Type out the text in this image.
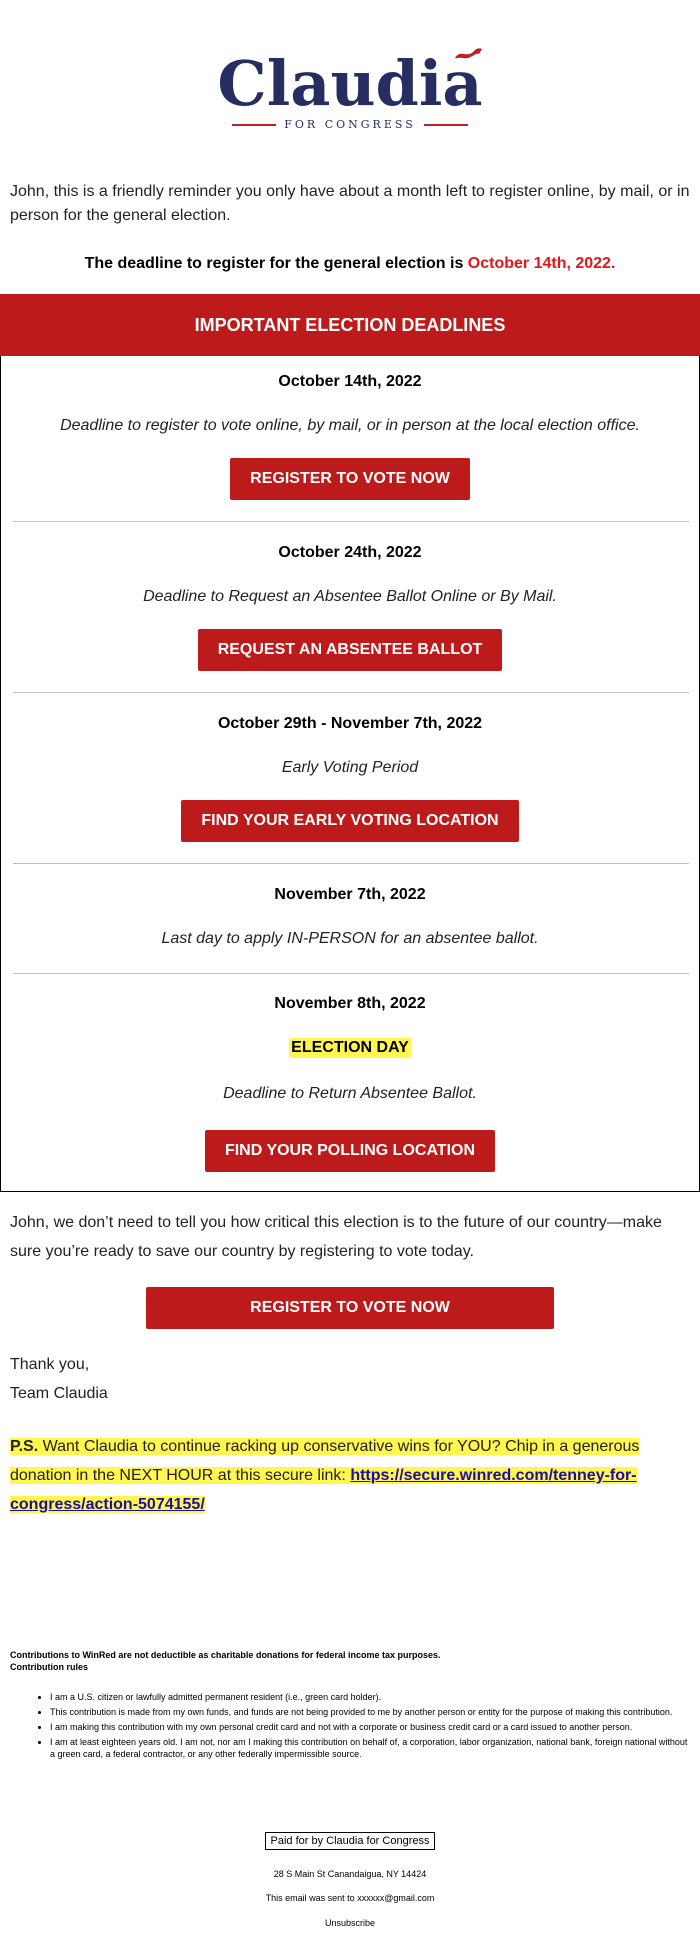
Claudia
FOR CONGRESS

John, this is a friendly reminder you only have about a month left to register online, by mail, or in person for the general election.

The deadline to register for the general election is October 14th, 2022.

IMPORTANT ELECTION DEADLINES
October 14th, 2022
Deadline to register to vote online, by mail, or in person at the local election office.
REGISTER TO VOTE NOW
October 24th, 2022
Deadline to Request an Absentee Ballot Online or By Mail.
REQUEST AN ABSENTEE BALLOT
October 29th - November 7th, 2022
Early Voting Period
FIND YOUR EARLY VOTING LOCATION
November 7th, 2022
Last day to apply IN-PERSON for an absentee ballot.
November 8th, 2022
ELECTION DAY
Deadline to Return Absentee Ballot.
FIND YOUR POLLING LOCATION

John, we don’t need to tell you how critical this election is to the future of our country—make sure you’re ready to save our country by registering to vote today.

REGISTER TO VOTE NOW
Thank you,
Team Claudia

P.S. Want Claudia to continue racking up conservative wins for YOU? Chip in a generous donation in the NEXT HOUR at this secure link: https://secure.winred.com/tenney-for-congress/action-5074155/

Contributions to WinRed are not deductible as charitable donations for federal income tax purposes.
Contribution rules
• I am a U.S. citizen or lawfully admitted permanent resident (i.e., green card holder).
• This contribution is made from my own funds, and funds are not being provided to me by another person or entity for the purpose of making this contribution.
• I am making this contribution with my own personal credit card and not with a corporate or business credit card or a card issued to another person.
• I am at least eighteen years old. I am not, nor am I making this contribution on behalf of, a corporation, labor organization, national bank, foreign national without a green card, a federal contractor, or any other federally impermissible source.
Paid for by Claudia for Congress
28 S Main St Canandaigua, NY 14424
This email was sent to xxxxxx@gmail.com
Unsubscribe
